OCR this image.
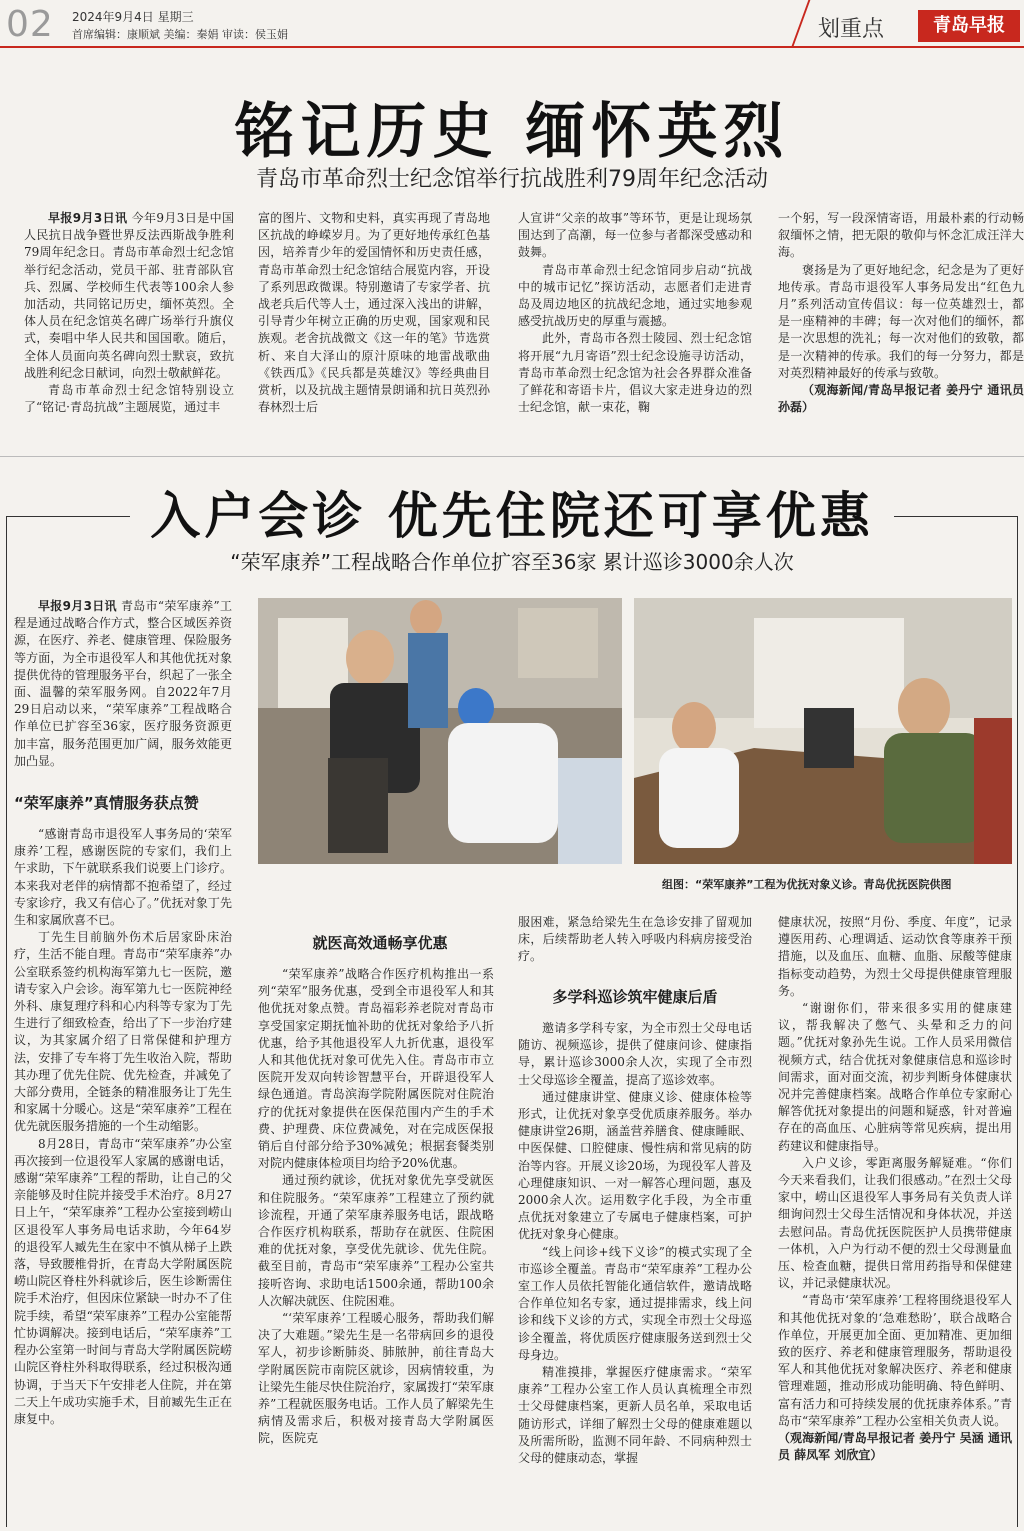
02 2024年9月4日 星期三
首席编辑：康顺斌 美编：秦娟 审读：侯玉娟	划重点	青岛早报
铭记历史 缅怀英烈
青岛市革命烈士纪念馆举行抗战胜利79周年纪念活动

早报9月3日讯 今年9月3日是中国人民抗日战争暨世界反法西斯战争胜利79周年纪念日。青岛市革命烈士纪念馆举行纪念活动，党员干部、驻青部队官兵、烈属、学校师生代表等100余人参加活动，共同铭记历史，缅怀英烈。全体人员在纪念馆英名碑广场举行升旗仪式，奏唱中华人民共和国国歌。随后，全体人员面向英名碑向烈士默哀，致抗战胜利纪念日献词，向烈士敬献鲜花。

青岛市革命烈士纪念馆特别设立了“铭记·青岛抗战”主题展览，通过丰

富的图片、文物和史料，真实再现了青岛地区抗战的峥嵘岁月。为了更好地传承红色基因，培养青少年的爱国情怀和历史责任感，青岛市革命烈士纪念馆结合展览内容，开设了系列思政微课。特别邀请了专家学者、抗战老兵后代等人士，通过深入浅出的讲解，引导青少年树立正确的历史观，国家观和民族观。老舍抗战微文《这一年的笔》节选赏析、来自大泽山的原汁原味的地雷战歌曲《铁西瓜》《民兵都是英雄汉》等经典曲目赏析，以及抗战主题情景朗诵和抗日英烈孙春林烈士后

人宣讲“父亲的故事”等环节，更是让现场氛围达到了高潮，每一位参与者都深受感动和鼓舞。

青岛市革命烈士纪念馆同步启动“抗战中的城市记忆”探访活动，志愿者们走进青岛及周边地区的抗战纪念地，通过实地参观感受抗战历史的厚重与震撼。

此外，青岛市各烈士陵园、烈士纪念馆将开展“九月寄语”烈士纪念设施寻访活动，青岛市革命烈士纪念馆为社会各界群众准备了鲜花和寄语卡片，倡议大家走进身边的烈士纪念馆，献一束花，鞠

一个躬，写一段深情寄语，用最朴素的行动畅叙缅怀之情，把无限的敬仰与怀念汇成汪洋大海。

褒扬是为了更好地纪念，纪念是为了更好地传承。青岛市退役军人事务局发出“红色九月”系列活动宣传倡议：每一位英雄烈士，都是一座精神的丰碑；每一次对他们的缅怀，都是一次思想的洗礼；每一次对他们的致敬，都是一次精神的传承。我们的每一分努力，都是对英烈精神最好的传承与致敬。

（观海新闻/青岛早报记者 姜丹宁 通讯员 孙磊）

入户会诊 优先住院还可享优惠
“荣军康养”工程战略合作单位扩容至36家 累计巡诊3000余人次

早报9月3日讯 青岛市“荣军康养”工程是通过战略合作方式，整合区域医养资源，在医疗、养老、健康管理、保险服务等方面，为全市退役军人和其他优抚对象提供优待的管理服务平台，织起了一张全面、温馨的荣军服务网。自2022年7月29日启动以来，“荣军康养”工程战略合作单位已扩容至36家，医疗服务资源更加丰富，服务范围更加广阔，服务效能更加凸显。

“荣军康养”真情服务获点赞

“感谢青岛市退役军人事务局的‘荣军康养’工程，感谢医院的专家们，我们上午求助，下午就联系我们说要上门诊疗。本来我对老伴的病情都不抱希望了，经过专家诊疗，我又有信心了。”优抚对象丁先生和家属欣喜不已。

丁先生目前脑外伤术后居家卧床治疗，生活不能自理。青岛市“荣军康养”办公室联系签约机构海军第九七一医院，邀请专家入户会诊。海军第九七一医院神经外科、康复理疗科和心内科等专家为丁先生进行了细致检查，给出了下一步治疗建议，为其家属介绍了日常保健和护理方法，安排了专车将丁先生收治入院，帮助其办理了优先住院、优先检查，并减免了大部分费用，全链条的精准服务让丁先生和家属十分暖心。这是“荣军康养”工程在优先就医服务措施的一个生动缩影。

8月28日，青岛市“荣军康养”办公室再次接到一位退役军人家属的感谢电话，感谢“荣军康养”工程的帮助，让自己的父亲能够及时住院并接受手术治疗。8月27日上午，“荣军康养”工程办公室接到崂山区退役军人事务局电话求助，今年64岁的退役军人臧先生在家中不慎从梯子上跌落，导致腰椎骨折，在青岛大学附属医院崂山院区脊柱外科就诊后，医生诊断需住院手术治疗，但因床位紧缺一时办不了住院手续，希望“荣军康养”工程办公室能帮忙协调解决。接到电话后，“荣军康养”工程办公室第一时间与青岛大学附属医院崂山院区脊柱外科取得联系，经过积极沟通协调，于当天下午安排老人住院，并在第二天上午成功实施手术，目前臧先生正在康复中。

组图：“荣军康养”工程为优抚对象义诊。青岛优抚医院供图
就医高效通畅享优惠

“荣军康养”战略合作医疗机构推出一系列“荣军”服务优惠，受到全市退役军人和其他优抚对象点赞。青岛福彩养老院对青岛市享受国家定期抚恤补助的优抚对象给予八折优惠，给予其他退役军人九折优惠，退役军人和其他优抚对象可优先入住。青岛市市立医院开发双向转诊智慧平台，开辟退役军人绿色通道。青岛滨海学院附属医院对住院治疗的优抚对象提供在医保范围内产生的手术费、护理费、床位费减免，对在完成医保报销后自付部分给予30%减免；根据套餐类别对院内健康体检项目均给予20%优惠。

通过预约就诊，优抚对象优先享受就医和住院服务。“荣军康养”工程建立了预约就诊流程，开通了荣军康养服务电话，跟战略合作医疗机构联系，帮助存在就医、住院困难的优抚对象，享受优先就诊、优先住院。截至目前，青岛市“荣军康养”工程办公室共接听咨询、求助电话1500余通，帮助100余人次解决就医、住院困难。

“‘荣军康养’工程暖心服务，帮助我们解决了大难题。”梁先生是一名带病回乡的退役军人，初步诊断肺炎、肺脓肿，前往青岛大学附属医院市南院区就诊，因病情较重，为让梁先生能尽快住院治疗，家属拨打“荣军康养”工程就医服务电话。工作人员了解梁先生病情及需求后，积极对接青岛大学附属医院，医院克

服困难，紧急给梁先生在急诊安排了留观加床，后续帮助老人转入呼吸内科病房接受治疗。

多学科巡诊筑牢健康后盾

邀请多学科专家，为全市烈士父母电话随访、视频巡诊，提供了健康问诊、健康指导，累计巡诊3000余人次，实现了全市烈士父母巡诊全覆盖，提高了巡诊效率。

通过健康讲堂、健康义诊、健康体检等形式，让优抚对象享受优质康养服务。举办健康讲堂26期，涵盖营养膳食、健康睡眠、中医保健、口腔健康、慢性病和常见病的防治等内容。开展义诊20场，为现役军人普及心理健康知识、一对一解答心理问题，惠及2000余人次。运用数字化手段，为全市重点优抚对象建立了专属电子健康档案，可护优抚对象身心健康。

“线上问诊+线下义诊”的模式实现了全市巡诊全覆盖。青岛市“荣军康养”工程办公室工作人员依托智能化通信软件，邀请战略合作单位知名专家，通过提排需求，线上问诊和线下义诊的方式，实现全市烈士父母巡诊全覆盖，将优质医疗健康服务送到烈士父母身边。

精准摸排，掌握医疗健康需求。“荣军康养”工程办公室工作人员认真梳理全市烈士父母健康档案，更新人员名单，采取电话随访形式，详细了解烈士父母的健康难题以及所需所盼，监测不同年龄、不同病种烈士父母的健康动态，掌握

健康状况，按照“月份、季度、年度”，记录遵医用药、心理调适、运动饮食等康养干预措施，以及血压、血糖、血脂、尿酸等健康指标变动趋势，为烈士父母提供健康管理服务。

“谢谢你们，带来很多实用的健康建议，帮我解决了憋气、头晕和乏力的问题。”优抚对象孙先生说。工作人员采用微信视频方式，结合优抚对象健康信息和巡诊时间需求，面对面交流，初步判断身体健康状况并完善健康档案。战略合作单位专家耐心解答优抚对象提出的问题和疑惑，针对普遍存在的高血压、心脏病等常见疾病，提出用药建议和健康指导。

入户义诊，零距离服务解疑难。“你们今天来看我们，让我们很感动。”在烈士父母家中，崂山区退役军人事务局有关负责人详细询问烈士父母生活情况和身体状况，并送去慰问品。青岛优抚医院医护人员携带健康一体机，入户为行动不便的烈士父母测量血压、检查血糖，提供日常用药指导和保健建议，并记录健康状况。

“青岛市‘荣军康养’工程将围绕退役军人和其他优抚对象的‘急难愁盼’，联合战略合作单位，开展更加全面、更加精准、更加细致的医疗、养老和健康管理服务，帮助退役军人和其他优抚对象解决医疗、养老和健康管理难题，推动形成功能明确、特色鲜明、富有活力和可持续发展的优抚康养体系。”青岛市“荣军康养”工程办公室相关负责人说。

（观海新闻/青岛早报记者 姜丹宁 吴涵 通讯员 薛凤军 刘欣宜）
